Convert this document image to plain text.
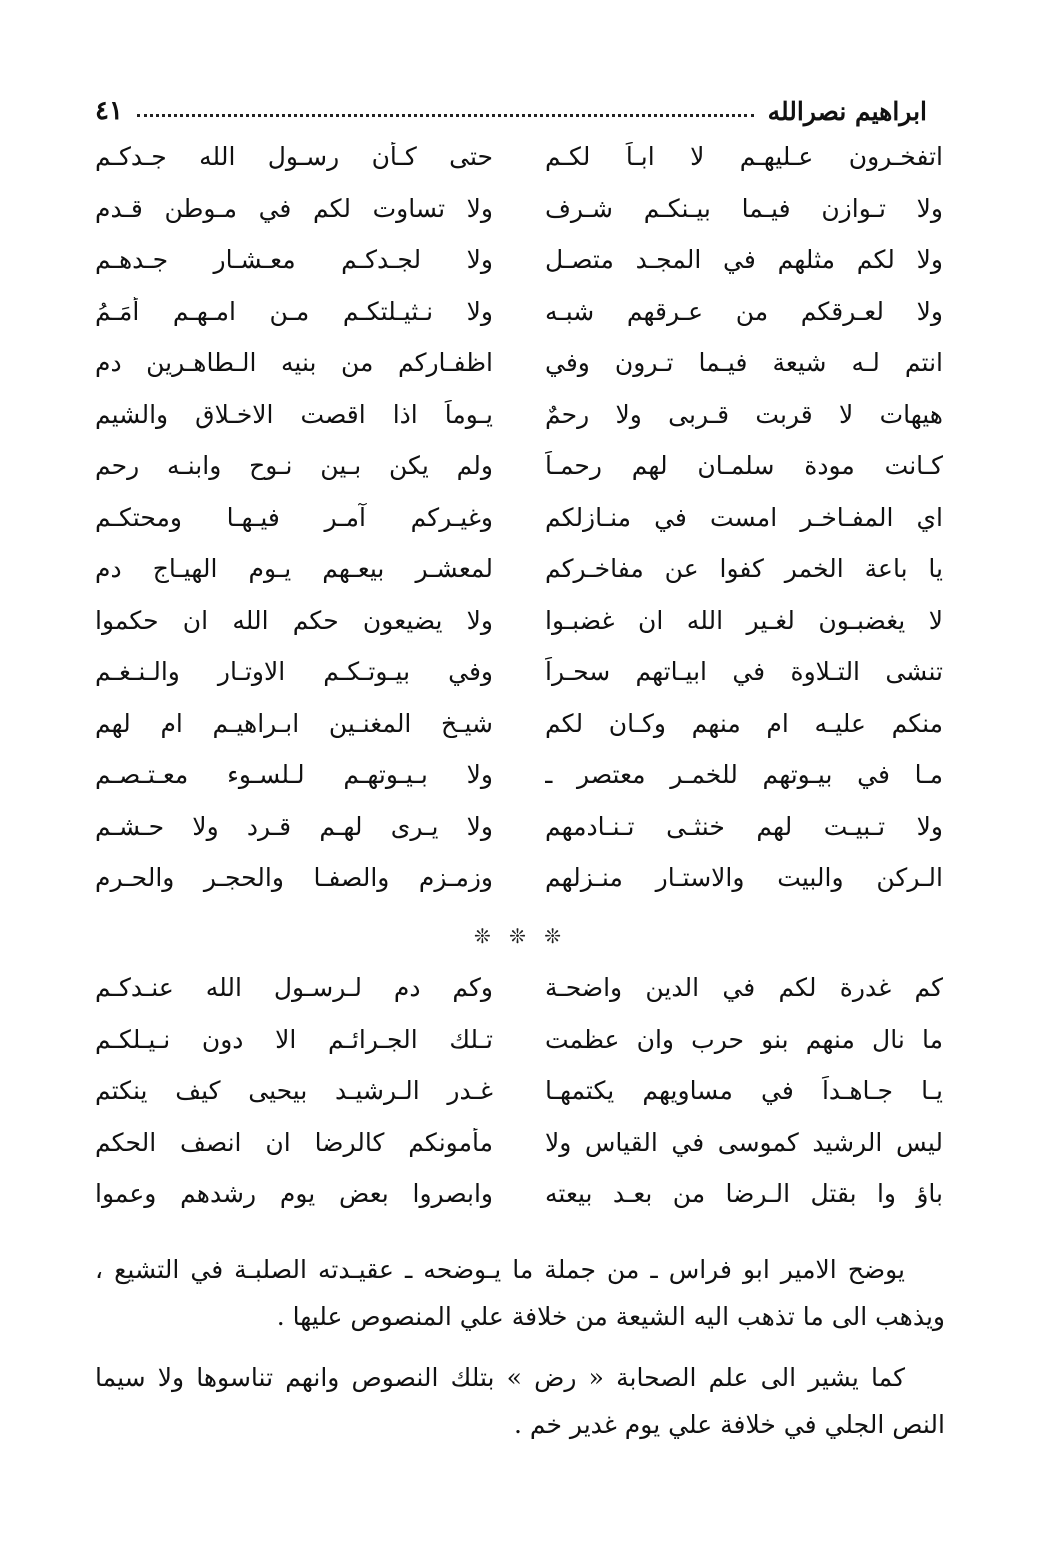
ابراهيم نصرالله
٤١
اتفخـرون عـليهـم لا ابـاً لكـم
حتى كـأن رسـول الله جـدكـم
ولا تـوازن فيـما بيـنكـم شـرف
ولا تساوت لكم في مـوطن قـدم
ولا لكم مثلهم في المجـد متصـل
ولا لجـدكـم معـشـار جـدهـم
ولا لعـرقكم من عـرقهم شبـه
ولا نـثيـلتكـم مـن امـهـم أمَـمُ
انتم لـه شيعة فيـما تـرون وفي
اظفـاركم من بنيه الـطاهـرين دم
هيهات لا قربت قـربى ولا رحمٌ
يـوماً اذا اقصت الاخـلاق والشيم
كـانت مودة سلمـان لهم رحمـاً
ولم يكن بـين نـوح وابنـه رحم
اي المفـاخـر امست في منـازلكم
وغيـركم آمـر فيـهـا ومحتكـم
يا باعة الخمر كفوا عن مفاخـركم
لمعشـر بيعـهم يـوم الهيـاج دم
لا يغضبـون لغـير الله ان غضبـوا
ولا يضيعون حكم الله ان حكموا
تنشى التـلاوة في ابيـاتهم سحـراً
وفي بيـوتـكـم الاوتـار والـنـغـم
منكم عليـه ام منهم وكـان لكم
شيـخ المغنـين ابـراهيـم ام لهم
مـا في بيـوتهم للخمـر معتصر ـ
ولا بـيـوتهـم لـلسـوء معـتـصـم
ولا تـبيـت لهم خنثـى تـنـادمهم
ولا يـرى لهـم قـرد ولا حـشـم
الـركن والبيت والاستـار منـزلهم
وزمـزم والصفـا والحجـر والحـرم
❊ ❊ ❊
كم غدرة لكم في الدين واضحـة
وكم دم لـرسـول الله عنـدكـم
ما نال منهم بنو حرب وان عظمت
تـلك الجـرائـم الا دون نـيـلكـم
يـا جـاهـداً في مساويهم يكتمهـا
غـدر الـرشيـد بيحيى كيف ينكتم
ليس الرشيد كموسى في القياس ولا
مأمونكم كالرضا ان انصف الحكم
باؤ وا بقتل الـرضا من بعـد بيعته
وابصروا بعض يوم رشدهم وعموا

يوضح الامير ابو فراس ـ من جملة ما يـوضحه ـ عقيـدته الصلبـة في التشيع ، ويذهب الى ما تذهب اليه الشيعة من خلافة علي المنصوص عليها .

كما يشير الى علم الصحابة « رض » بتلك النصوص وانهم تناسوها ولا سيما النص الجلي في خلافة علي يوم غدير خم .
